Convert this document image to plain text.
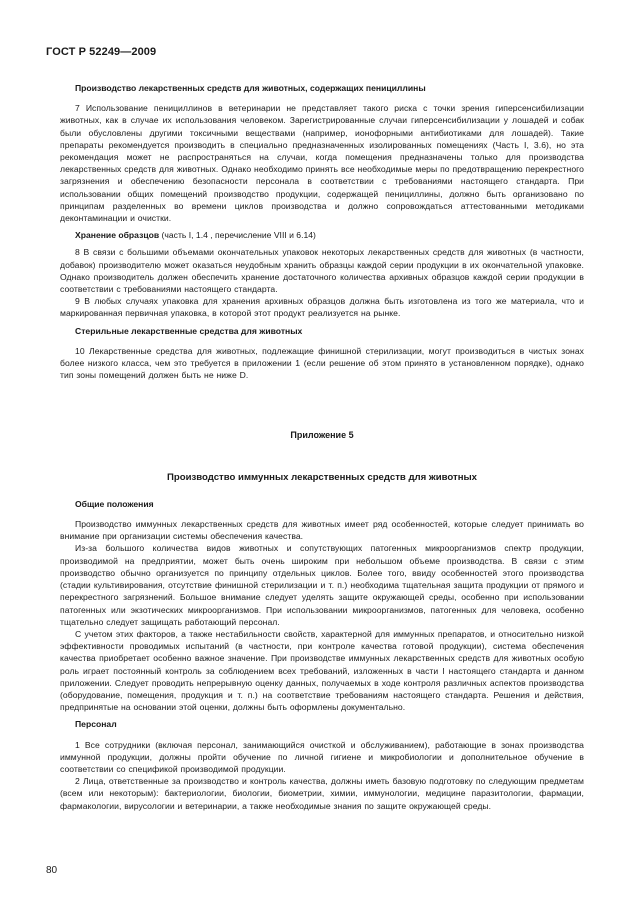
ГОСТ Р 52249—2009

Производство лекарственных средств для животных, содержащих пенициллины

7 Использование пенициллинов в ветеринарии не представляет такого риска с точки зрения гиперсенсибилизации животных, как в случае их использования человеком. Зарегистрированные случаи гиперсенсибилизации у лошадей и собак были обусловлены другими токсичными веществами (например, ионофорными антибиотиками для лошадей). Такие препараты рекомендуется производить в специально предназначенных изолированных помещениях (Часть I, 3.6), но эта рекомендация может не распространяться на случаи, когда помещения предназначены только для производства лекарственных средств для животных. Однако необходимо принять все необходимые меры по предотвращению перекрестного загрязнения и обеспечению безопасности персонала в соответствии с требованиями настоящего стандарта. При использовании общих помещений производство продукции, содержащей пенициллины, должно быть организовано по принципам разделенных во времени циклов производства и должно сопровождаться аттестованными методиками деконтаминации и очистки.

Хранение образцов (часть I, 1.4 , перечисление VIII и 6.14)

8 В связи с большими объемами окончательных упаковок некоторых лекарственных средств для животных (в частности, добавок) производителю может оказаться неудобным хранить образцы каждой серии продукции в их окончательной упаковке. Однако производитель должен обеспечить хранение достаточного количества архивных образцов каждой серии продукции в соответствии с требованиями настоящего стандарта.

9 В любых случаях упаковка для хранения архивных образцов должна быть изготовлена из того же материала, что и маркированная первичная упаковка, в которой этот продукт реализуется на рынке.

Стерильные лекарственные средства для животных

10 Лекарственные средства для животных, подлежащие финишной стерилизации, могут производиться в чистых зонах более низкого класса, чем это требуется в приложении 1 (если решение об этом принято в установленном порядке), однако тип зоны помещений должен быть не ниже D.

Приложение 5

Производство иммунных лекарственных средств для животных

Общие положения

Производство иммунных лекарственных средств для животных имеет ряд особенностей, которые следует принимать во внимание при организации системы обеспечения качества.

Из-за большого количества видов животных и сопутствующих патогенных микроорганизмов спектр продукции, производимой на предприятии, может быть очень широким при небольшом объеме производства. В связи с этим производство обычно организуется по принципу отдельных циклов. Более того, ввиду особенностей этого производства (стадии культивирования, отсутствие финишной стерилизации и т. п.) необходима тщательная защита продукции от прямого и перекрестного загрязнений. Большое внимание следует уделять защите окружающей среды, особенно при использовании патогенных или экзотических микроорганизмов. При использовании микроорганизмов, патогенных для человека, особенно тщательно следует защищать работающий персонал.

С учетом этих факторов, а также нестабильности свойств, характерной для иммунных препаратов, и относительно низкой эффективности проводимых испытаний (в частности, при контроле качества готовой продукции), система обеспечения качества приобретает особенно важное значение. При производстве иммунных лекарственных средств для животных особую роль играет постоянный контроль за соблюдением всех требований, изложенных в части I настоящего стандарта и данном приложении. Следует проводить непрерывную оценку данных, получаемых в ходе контроля различных аспектов производства (оборудование, помещения, продукция и т. п.) на соответствие требованиям настоящего стандарта. Решения и действия, предпринятые на основании этой оценки, должны быть оформлены документально.

Персонал

1 Все сотрудники (включая персонал, занимающийся очисткой и обслуживанием), работающие в зонах производства иммунной продукции, должны пройти обучение по личной гигиене и микробиологии и дополнительное обучение в соответствии со спецификой производимой продукции.

2 Лица, ответственные за производство и контроль качества, должны иметь базовую подготовку по следующим предметам (всем или некоторым): бактериологии, биологии, биометрии, химии, иммунологии, медицине паразитологии, фармации, фармакологии, вирусологии и ветеринарии, а также необходимые знания по защите окружающей среды.

80
